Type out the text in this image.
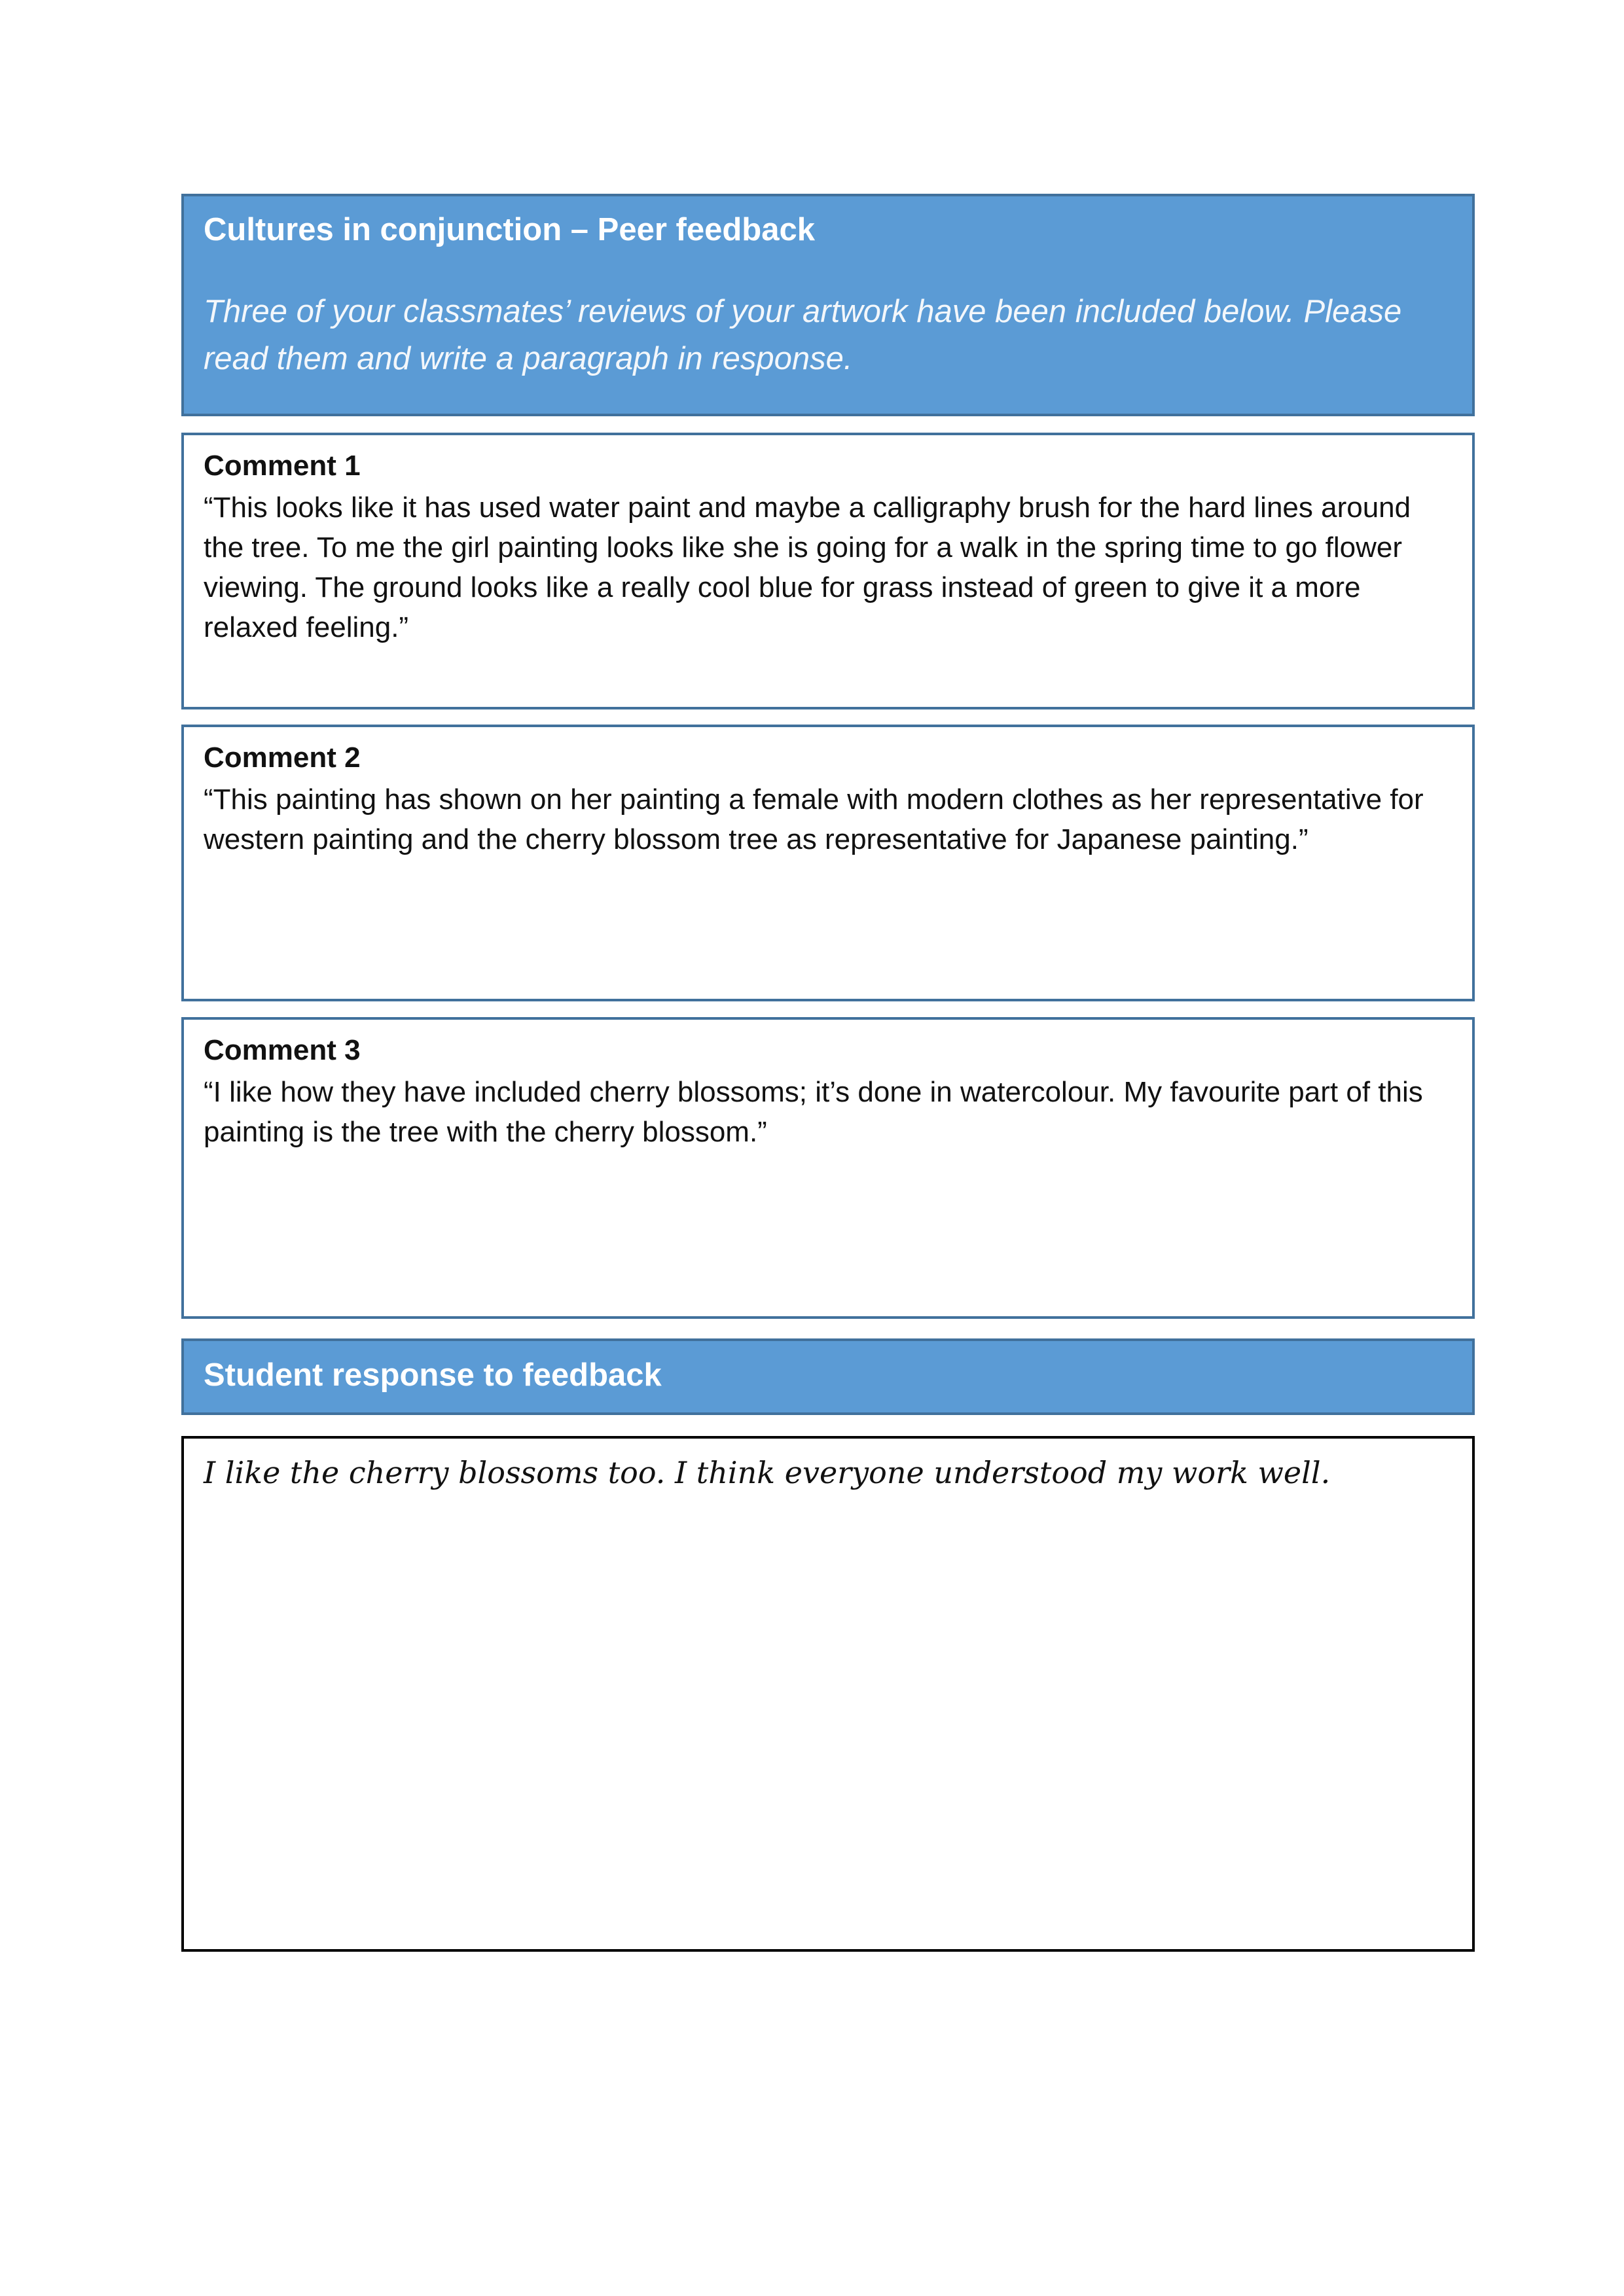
Cultures in conjunction – Peer feedback

Three of your classmates’ reviews of your artwork have been included below. Please read them and write a paragraph in response.

Comment 1

“This looks like it has used water paint and maybe a calligraphy brush for the hard lines around the tree. To me the girl painting looks like she is going for a walk in the spring time to go flower viewing. The ground looks like a really cool blue for grass instead of green to give it a more relaxed feeling.”

Comment 2

“This painting has shown on her painting a female with modern clothes as her representative for western painting and the cherry blossom tree as representative for Japanese painting.”

Comment 3

“I like how they have included cherry blossoms; it’s done in watercolour. My favourite part of this painting is the tree with the cherry blossom.”

Student response to feedback

I like the cherry blossoms too. I think everyone understood my work well.
